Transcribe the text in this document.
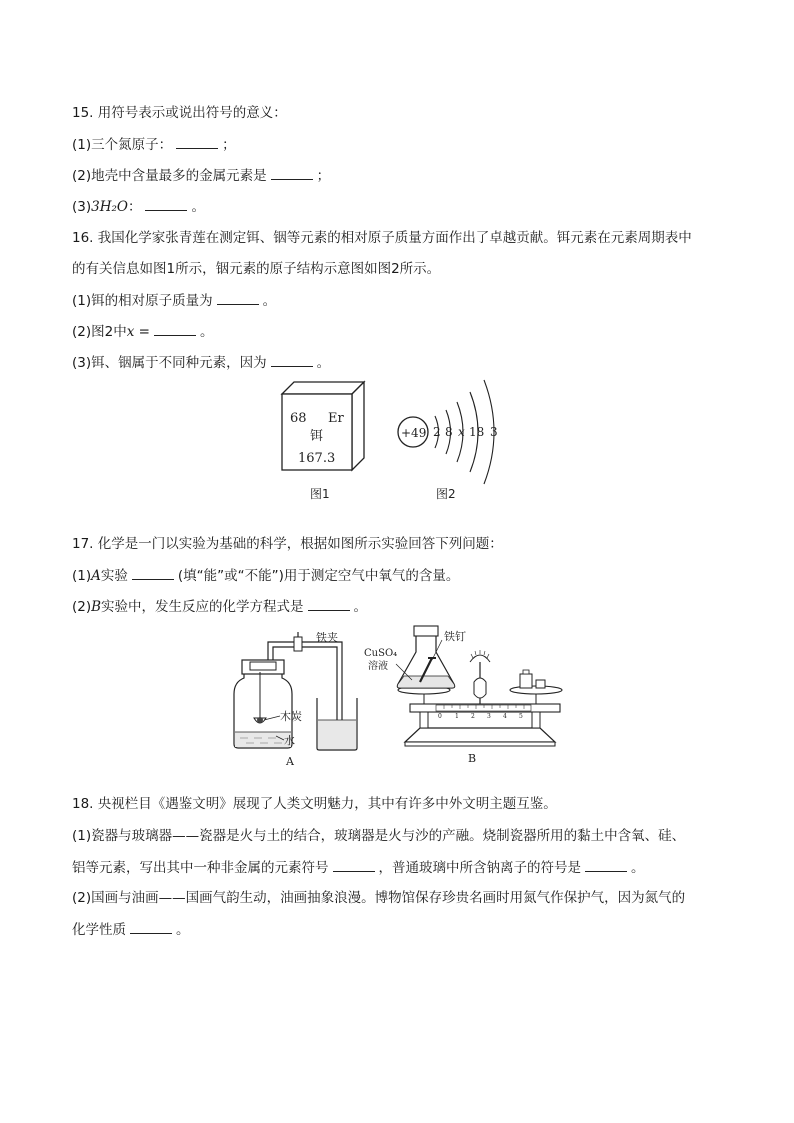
15. 用符号表示或说出符号的意义：
(1)三个氮原子：	；
(2)地壳中含量最多的金属元素是	；
(3)3H₂O：	。
16. 我国化学家张青莲在测定铒、铟等元素的相对原子质量方面作出了卓越贡献。铒元素在元素周期表中
的有关信息如图1所示，铟元素的原子结构示意图如图2所示。
(1)铒的相对原子质量为	。
(2)图2中x =	。
(3)铒、铟属于不同种元素，因为	。
68 Er
铒
167.3
图1
+49 2 8 x 18 3
图2
17. 化学是一门以实验为基础的科学，根据如图所示实验回答下列问题：
(1)A实验	(填“能”或“不能”)用于测定空气中氧气的含量。
(2)B实验中，发生反应的化学方程式是	。
铁夹
木炭
水
A
0 1 2 3 4 5
CuSO₄
溶液
铁钉
B
18. 央视栏目《遇鉴文明》展现了人类文明魅力，其中有许多中外文明主题互鉴。
(1)瓷器与玻璃器——瓷器是火与土的结合，玻璃器是火与沙的产融。烧制瓷器所用的黏土中含氧、硅、
铝等元素，写出其中一种非金属的元素符号	，普通玻璃中所含钠离子的符号是	。
(2)国画与油画——国画气韵生动，油画抽象浪漫。博物馆保存珍贵名画时用氮气作保护气，因为氮气的
化学性质	。
